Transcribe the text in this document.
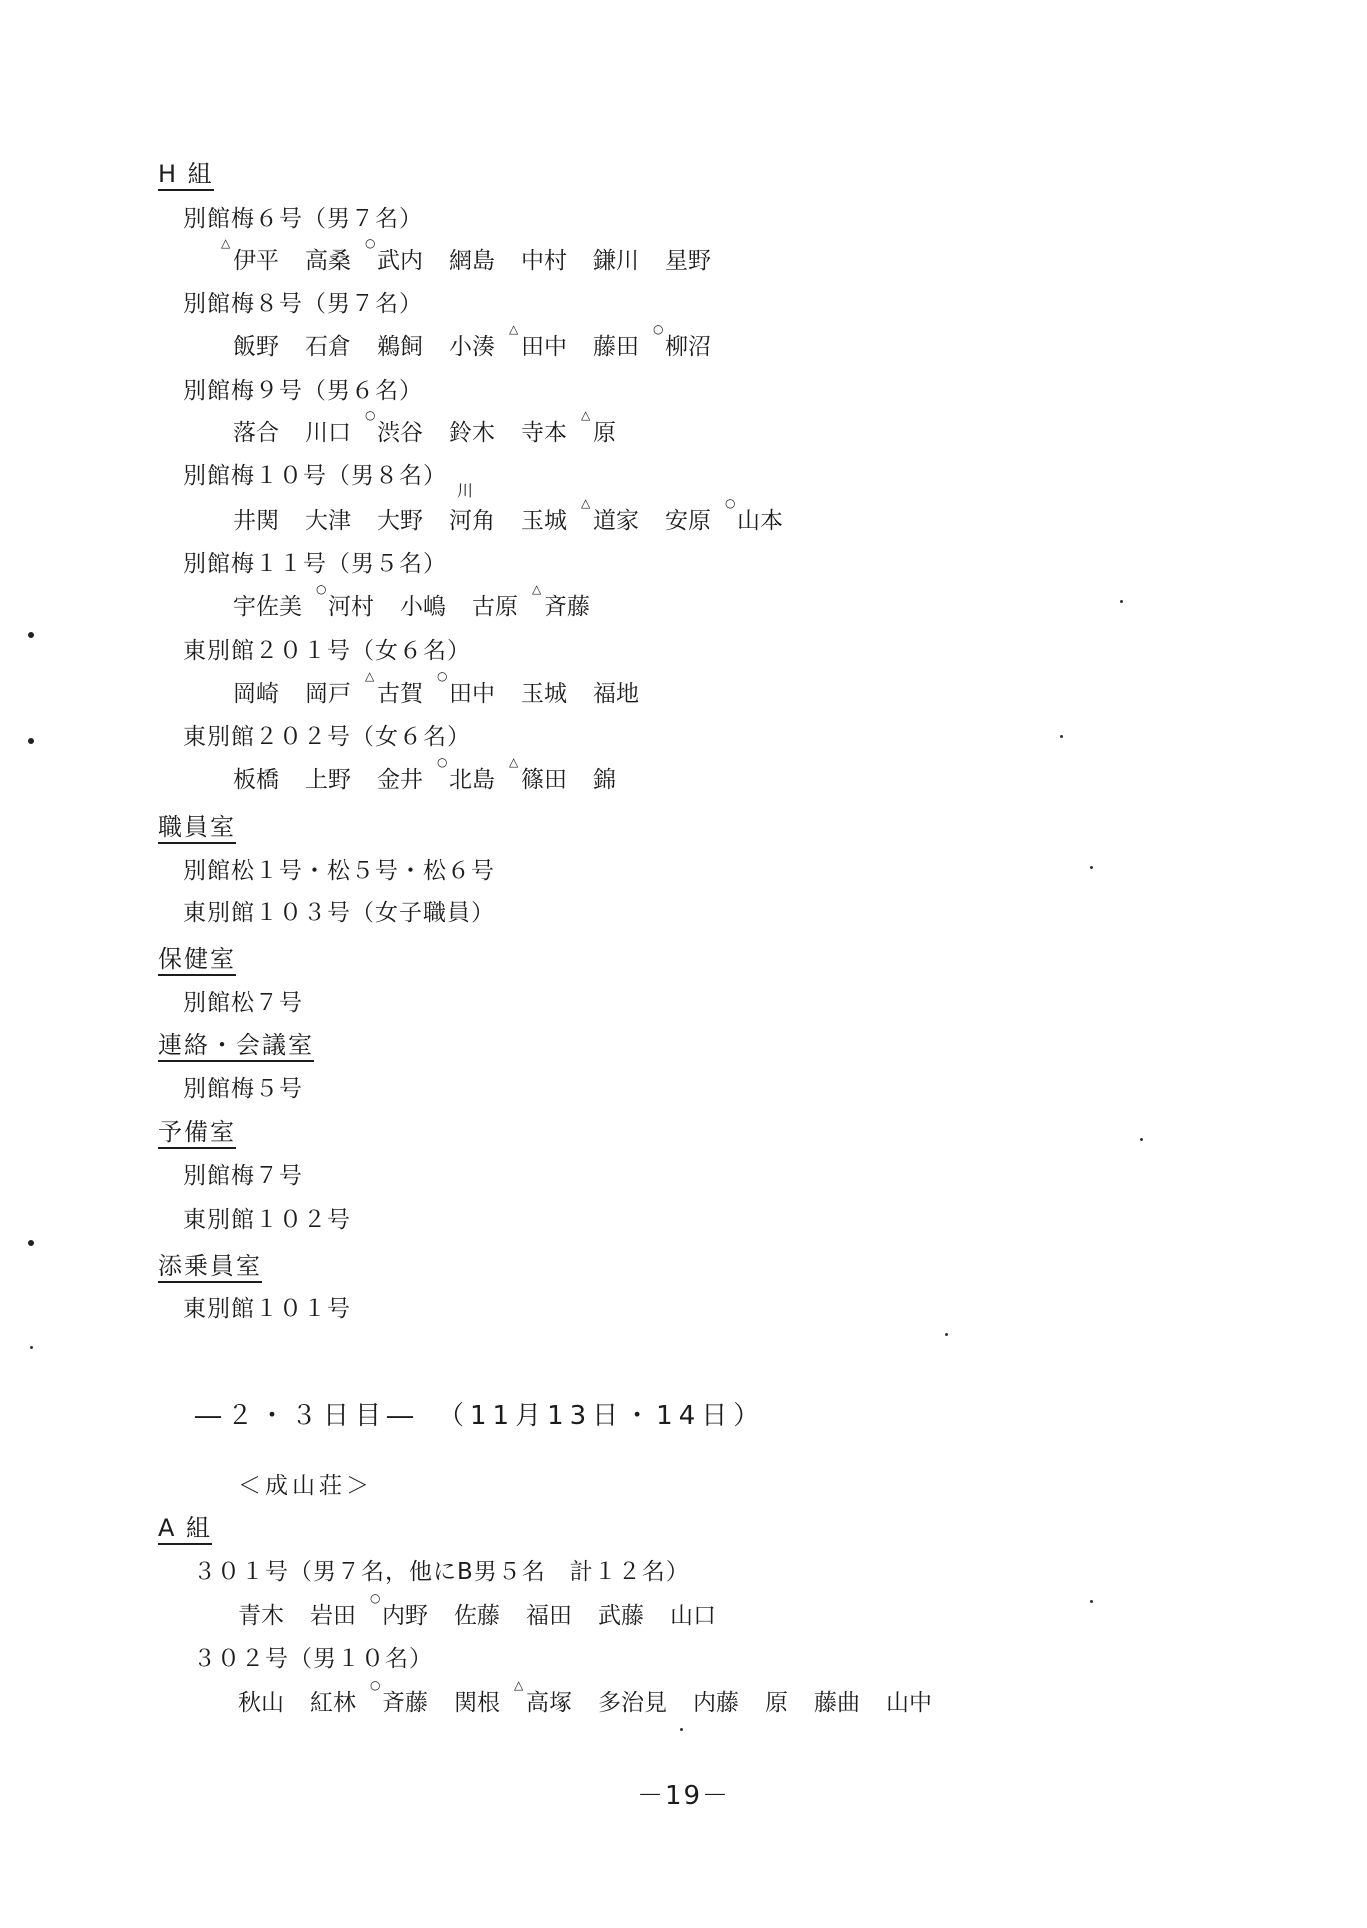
H 組
別館梅６号（男７名）
△
伊平 高桑
○
武内 網島 中村 鎌川 星野
別館梅８号（男７名）
飯野 石倉 鵜飼 小湊
△
田中 藤田
○
柳沼
別館梅９号（男６名）
落合 川口
○
渋谷 鈴木 寺本
△
原
別館梅１０号（男８名）
井関 大津 大野
川
河角 玉城
△
道家 安原
○
山本
別館梅１１号（男５名）
宇佐美
○
河村 小嶋 古原
△
斉藤
東別館２０１号（女６名）
岡崎 岡戸
△
古賀
○
田中 玉城 福地
東別館２０２号（女６名）
板橋 上野 金井
○
北島
△
篠田 錦
職員室
別館松１号・松５号・松６号
東別館１０３号（女子職員）
保健室
別館松７号
連絡・会議室
別館梅５号
予備室
別館梅７号
東別館１０２号
添乗員室
東別館１０１号
―２・３日目―　（11月13日・14日）
＜成山荘＞
A 組
３０１号（男７名，他にB男５名　計１２名）
青木 岩田
○
内野 佐藤 福田 武藤 山口
３０２号（男１０名）
秋山 紅林
○
斉藤 関根
△
高塚 多治見 内藤 原 藤曲 山中
－19－
